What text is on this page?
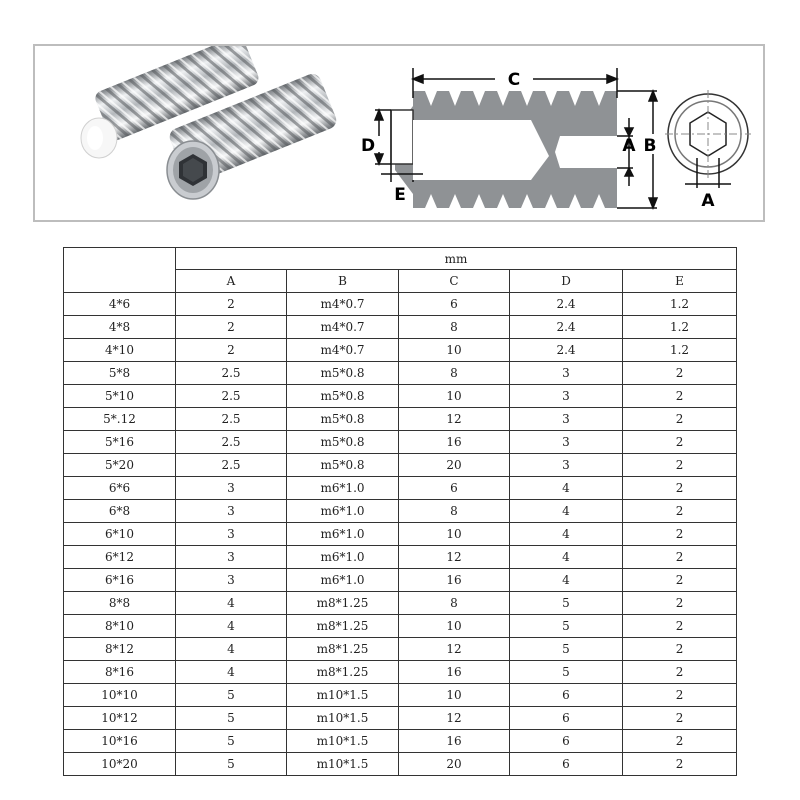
C
D
E
A B
A
	mm				
	A	B	C	D	E
4*6	2	m4*0.7	6	2.4	1.2
4*8	2	m4*0.7	8	2.4	1.2
4*10	2	m4*0.7	10	2.4	1.2
5*8	2.5	m5*0.8	8	3	2
5*10	2.5	m5*0.8	10	3	2
5*.12	2.5	m5*0.8	12	3	2
5*16	2.5	m5*0.8	16	3	2
5*20	2.5	m5*0.8	20	3	2
6*6	3	m6*1.0	6	4	2
6*8	3	m6*1.0	8	4	2
6*10	3	m6*1.0	10	4	2
6*12	3	m6*1.0	12	4	2
6*16	3	m6*1.0	16	4	2
8*8	4	m8*1.25	8	5	2
8*10	4	m8*1.25	10	5	2
8*12	4	m8*1.25	12	5	2
8*16	4	m8*1.25	16	5	2
10*10	5	m10*1.5	10	6	2
10*12	5	m10*1.5	12	6	2
10*16	5	m10*1.5	16	6	2
10*20	5	m10*1.5	20	6	2
